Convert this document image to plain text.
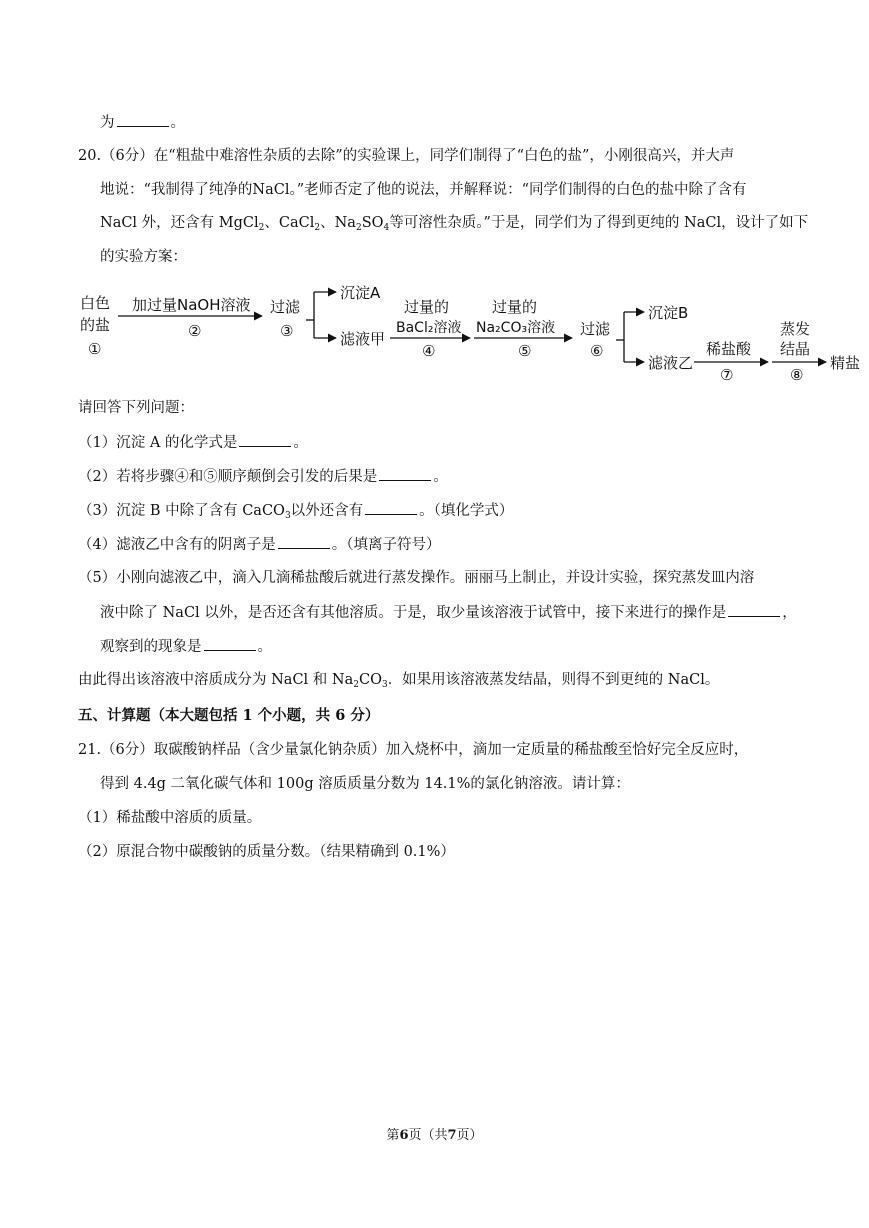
为	。
20.（6分）在“粗盐中难溶性杂质的去除”的实验课上，同学们制得了“白色的盐”，小刚很高兴，并大声
地说：“我制得了纯净的NaCl。”老师否定了他的说法，并解释说：“同学们制得的白色的盐中除了含有
NaCl 外，还含有 MgCl$_2$、CaCl$_2$、$Na_2SO_4$等可溶性杂质。”于是，同学们为了得到更纯的 NaCl，设计了如下
的实验方案：
白色
的盐
①
加过量NaOH溶液
②
过滤
③
沉淀A
滤液甲
过量的
BaCl₂溶液
④
过量的
Na₂CO₃溶液
⑤
过滤
⑥
沉淀B
滤液乙
稀盐酸
⑦
蒸发
结晶
⑧
精盐
请回答下列问题：
（1）沉淀 A 的化学式是	。
（2）若将步骤④和⑤顺序颠倒会引发的后果是	。
（3）沉淀 B 中除了含有 CaCO$_3$以外还含有	。（填化学式）
（4）滤液乙中含有的阴离子是	。（填离子符号）
（5）小刚向滤液乙中，滴入几滴稀盐酸后就进行蒸发操作。丽丽马上制止，并设计实验，探究蒸发皿内溶
液中除了 NaCl 以外，是否还含有其他溶质。于是，取少量该溶液于试管中，接下来进行的操作是	，
观察到的现象是	。
由此得出该溶液中溶质成分为 NaCl 和 $Na_2CO_3$．如果用该溶液蒸发结晶，则得不到更纯的 NaCl。
五、计算题（本大题包括 1 个小题，共 6 分）
21.（6分）取碳酸钠样品（含少量氯化钠杂质）加入烧杯中，滴加一定质量的稀盐酸至恰好完全反应时，
得到 4.4g 二氧化碳气体和 100g 溶质质量分数为 14.1%的氯化钠溶液。请计算：
（1）稀盐酸中溶质的质量。
（2）原混合物中碳酸钠的质量分数。（结果精确到 0.1%）
第6页（共7页）
